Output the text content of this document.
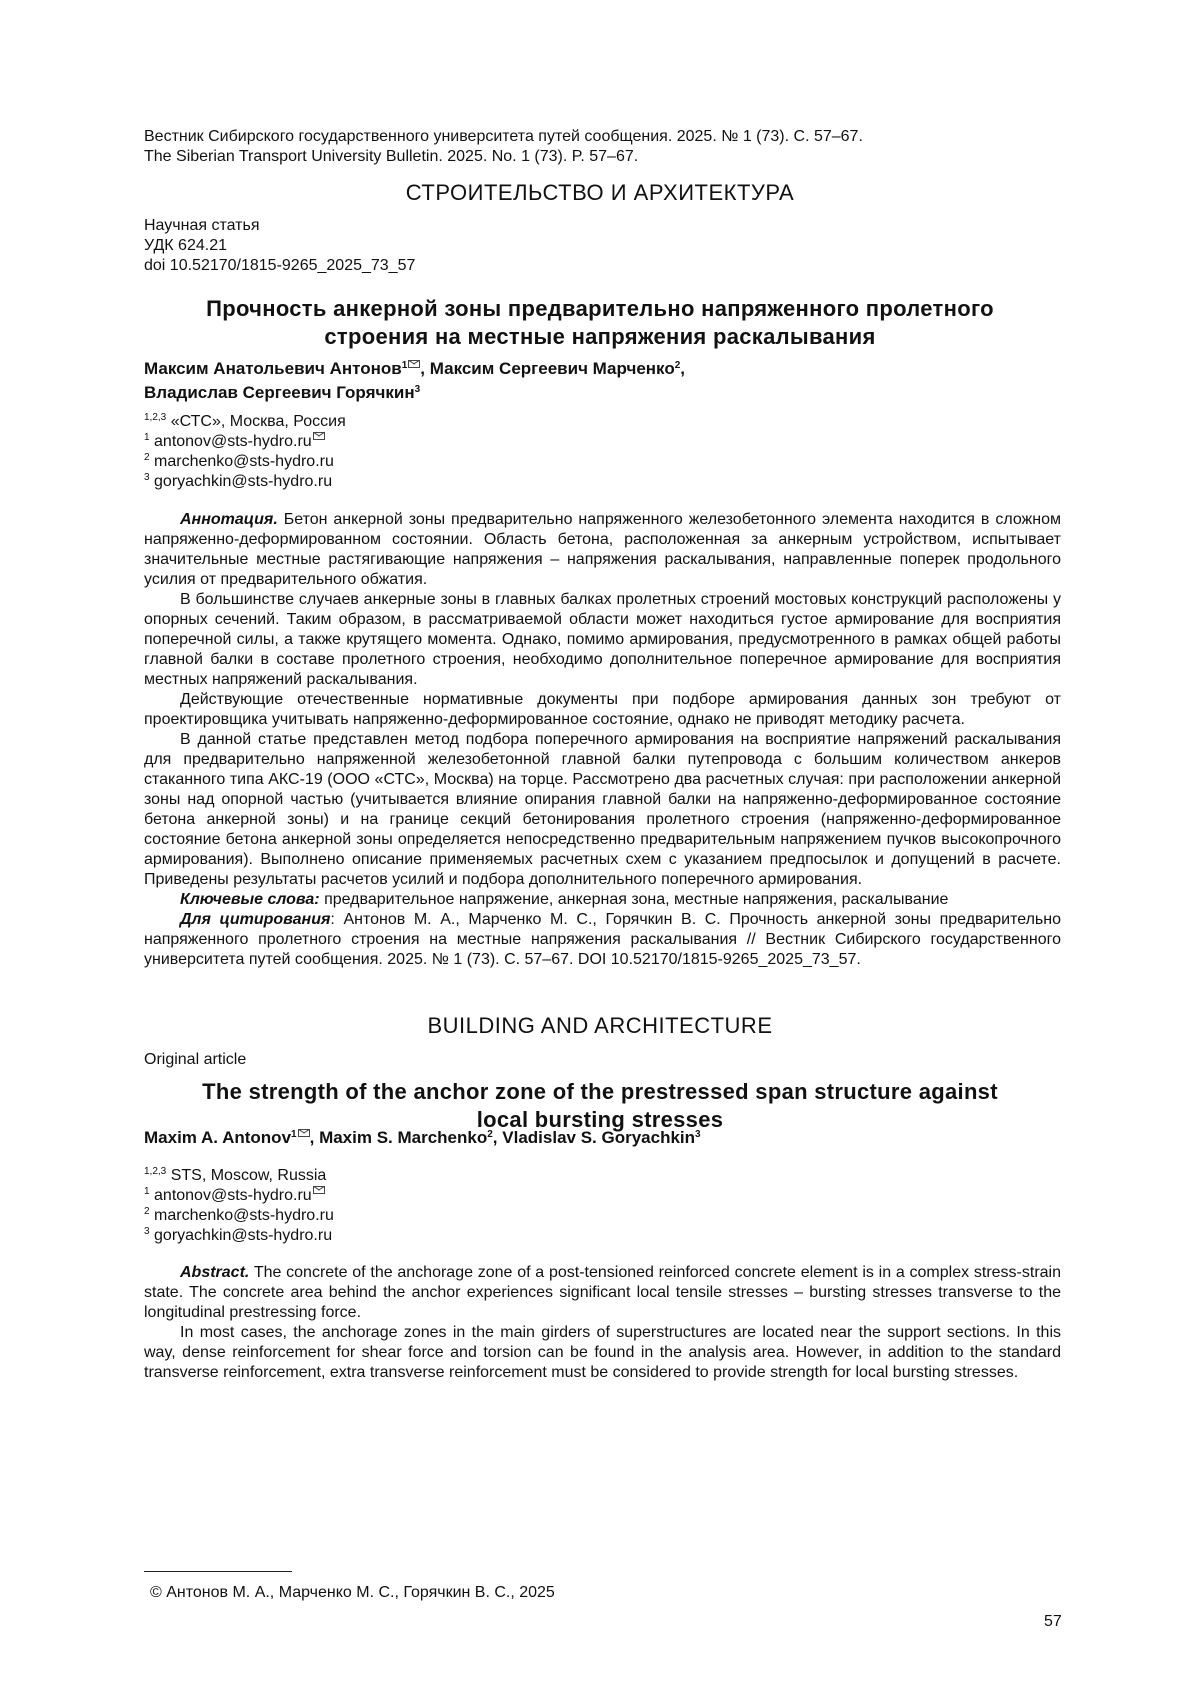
Вестник Сибирского государственного университета путей сообщения. 2025. № 1 (73). С. 57–67.
The Siberian Transport University Bulletin. 2025. No. 1 (73). P. 57–67.
СТРОИТЕЛЬСТВО И АРХИТЕКТУРА
Научная статья
УДК 624.21
doi 10.52170/1815-9265_2025_73_57
Прочность анкерной зоны предварительно напряженного пролетного
строения на местные напряжения раскалывания
Максим Анатольевич Антонов1 , Максим Сергеевич Марченко2,
Владислав Сергеевич Горячкин3
1,2,3 «СТС», Москва, Россия
1 antonov@sts-hydro.ru
2 marchenko@sts-hydro.ru
3 goryachkin@sts-hydro.ru

Аннотация. Бетон анкерной зоны предварительно напряженного железобетонного элемента находится в сложном напряженно-деформированном состоянии. Область бетона, расположенная за анкерным устройством, испытывает значительные местные растягивающие напряжения – напряжения раскалывания, направленные поперек продольного усилия от предварительного обжатия.

В большинстве случаев анкерные зоны в главных балках пролетных строений мостовых конструкций расположены у опорных сечений. Таким образом, в рассматриваемой области может находиться густое армирование для восприятия поперечной силы, а также крутящего момента. Однако, помимо армирования, предусмотренного в рамках общей работы главной балки в составе пролетного строения, необходимо дополнительное поперечное армирование для восприятия местных напряжений раскалывания.

Действующие отечественные нормативные документы при подборе армирования данных зон требуют от проектировщика учитывать напряженно-деформированное состояние, однако не приводят методику расчета.

В данной статье представлен метод подбора поперечного армирования на восприятие напряжений раскалывания для предварительно напряженной железобетонной главной балки путепровода с большим количеством анкеров стаканного типа АКС-19 (ООО «СТС», Москва) на торце. Рассмотрено два расчетных случая: при расположении анкерной зоны над опорной частью (учитывается влияние опирания главной балки на напряженно-деформированное состояние бетона анкерной зоны) и на границе секций бетонирования пролетного строения (напряженно-деформированное состояние бетона анкерной зоны определяется непосредственно предварительным напряжением пучков высокопрочного армирования). Выполнено описание применяемых расчетных схем с указанием предпосылок и допущений в расчете. Приведены результаты расчетов усилий и подбора дополнительного поперечного армирования.

Ключевые слова: предварительное напряжение, анкерная зона, местные напряжения, раскалывание

Для цитирования: Антонов М. А., Марченко М. С., Горячкин В. С. Прочность анкерной зоны предварительно напряженного пролетного строения на местные напряжения раскалывания // Вестник Сибирского государственного университета путей сообщения. 2025. № 1 (73). С. 57–67. DOI 10.52170/1815-9265_2025_73_57.

BUILDING AND ARCHITECTURE
Original article
The strength of the anchor zone of the prestressed span structure against
local bursting stresses
Maxim A. Antonov1 , Maxim S. Marchenko2, Vladislav S. Goryachkin3
1,2,3 STS, Moscow, Russia
1 antonov@sts-hydro.ru
2 marchenko@sts-hydro.ru
3 goryachkin@sts-hydro.ru

Abstract. The concrete of the anchorage zone of a post-tensioned reinforced concrete element is in a complex stress-strain state. The concrete area behind the anchor experiences significant local tensile stresses – bursting stresses transverse to the longitudinal prestressing force.

In most cases, the anchorage zones in the main girders of superstructures are located near the support sections. In this way, dense reinforcement for shear force and torsion can be found in the analysis area. However, in addition to the standard transverse reinforcement, extra transverse reinforcement must be considered to provide strength for local bursting stresses.

© Антонов М. А., Марченко М. С., Горячкин В. С., 2025
57
